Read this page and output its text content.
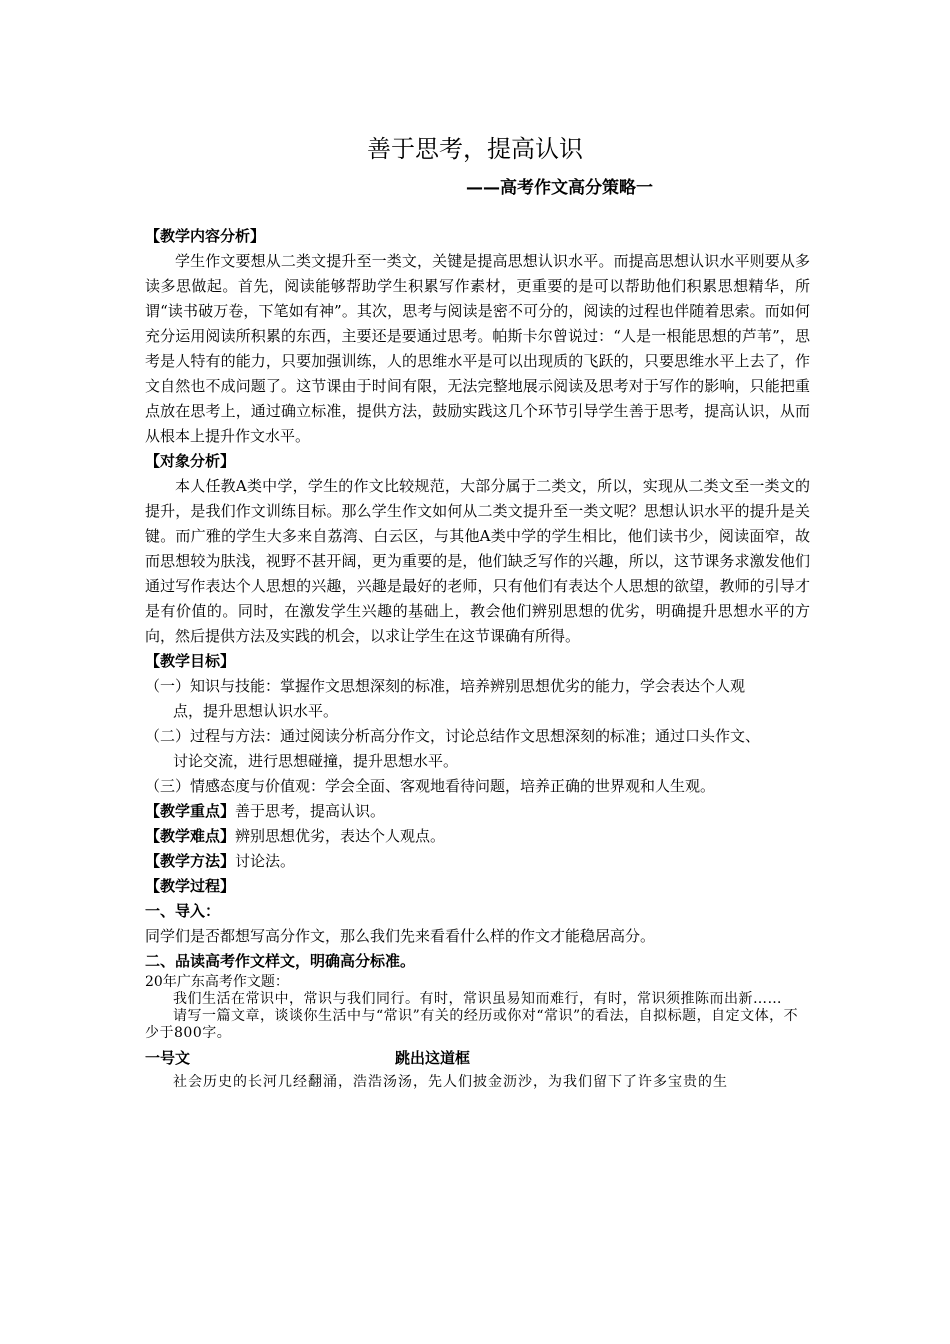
善于思考，提高认识
——高考作文高分策略一
【教学内容分析】
学生作文要想从二类文提升至一类文，关键是提高思想认识水平。而提高思想认识水平则要从多读多思做起。首先，阅读能够帮助学生积累写作素材，更重要的是可以帮助他们积累思想精华，所谓“读书破万卷，下笔如有神”。其次，思考与阅读是密不可分的，阅读的过程也伴随着思索。而如何充分运用阅读所积累的东西，主要还是要通过思考。帕斯卡尔曾说过：“人是一根能思想的芦苇”，思考是人特有的能力，只要加强训练，人的思维水平是可以出现质的飞跃的，只要思维水平上去了，作文自然也不成问题了。这节课由于时间有限，无法完整地展示阅读及思考对于写作的影响，只能把重点放在思考上，通过确立标准，提供方法，鼓励实践这几个环节引导学生善于思考，提高认识，从而从根本上提升作文水平。
【对象分析】
本人任教A类中学，学生的作文比较规范，大部分属于二类文，所以，实现从二类文至一类文的提升，是我们作文训练目标。那么学生作文如何从二类文提升至一类文呢？思想认识水平的提升是关键。而广雅的学生大多来自荔湾、白云区，与其他A类中学的学生相比，他们读书少，阅读面窄，故而思想较为肤浅，视野不甚开阔，更为重要的是，他们缺乏写作的兴趣，所以，这节课务求激发他们通过写作表达个人思想的兴趣，兴趣是最好的老师，只有他们有表达个人思想的欲望，教师的引导才是有价值的。同时，在激发学生兴趣的基础上，教会他们辨别思想的优劣，明确提升思想水平的方向，然后提供方法及实践的机会，以求让学生在这节课确有所得。
【教学目标】
（一）知识与技能：掌握作文思想深刻的标准，培养辨别思想优劣的能力，学会表达个人观
点，提升思想认识水平。
（二）过程与方法：通过阅读分析高分作文，讨论总结作文思想深刻的标准；通过口头作文、
讨论交流，进行思想碰撞，提升思想水平。
（三）情感态度与价值观：学会全面、客观地看待问题，培养正确的世界观和人生观。
【教学重点】善于思考，提高认识。
【教学难点】辨别思想优劣，表达个人观点。
【教学方法】讨论法。
【教学过程】
一、导入：
同学们是否都想写高分作文，那么我们先来看看什么样的作文才能稳居高分。
二、品读高考作文样文，明确高分标准。
20年广东高考作文题：
我们生活在常识中，常识与我们同行。有时，常识虽易知而难行，有时，常识须推陈而出新……
请写一篇文章，谈谈你生活中与“常识”有关的经历或你对“常识”的看法，自拟标题，自定文体，不少于800字。
一号文	跳出这道框
社会历史的长河几经翻涌，浩浩汤汤，先人们披金沥沙，为我们留下了许多宝贵的生
